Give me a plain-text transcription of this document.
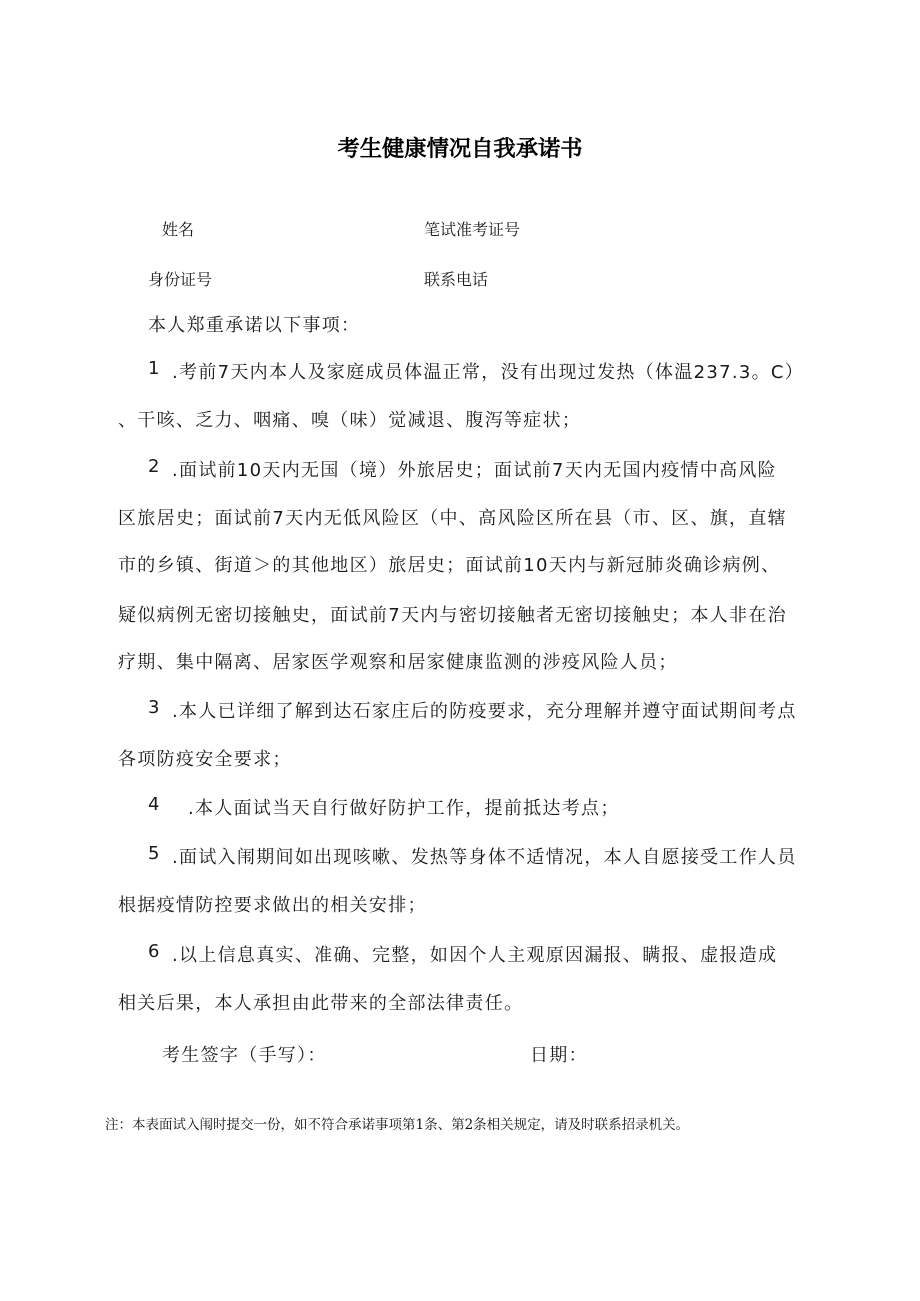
考生健康情况自我承诺书
姓名	笔试准考证号
身份证号	联系电话

本人郑重承诺以下事项：

1 .考前7天内本人及家庭成员体温正常，没有出现过发热（体温237.3。C）
、干咳、乏力、咽痛、嗅（味）觉减退、腹泻等症状；
2 .面试前10天内无国（境）外旅居史；面试前7天内无国内疫情中高风险
区旅居史；面试前7天内无低风险区（中、高风险区所在县（市、区、旗，直辖
市的乡镇、街道＞的其他地区）旅居史；面试前10天内与新冠肺炎确诊病例、
疑似病例无密切接触史，面试前7天内与密切接触者无密切接触史；本人非在治
疗期、集中隔离、居家医学观察和居家健康监测的涉疫风险人员；
3 .本人已详细了解到达石家庄后的防疫要求，充分理解并遵守面试期间考点
各项防疫安全要求；
4 .本人面试当天自行做好防护工作，提前抵达考点；
5 .面试入闱期间如出现咳嗽、发热等身体不适情况，本人自愿接受工作人员
根据疫情防控要求做出的相关安排；
6 .以上信息真实、准确、完整，如因个人主观原因漏报、瞒报、虚报造成
相关后果，本人承担由此带来的全部法律责任。
考生签字（手写）：	日期：

注：本表面试入闱时提交一份，如不符合承诺事项第1条、第2条相关规定，请及时联系招录机关。
